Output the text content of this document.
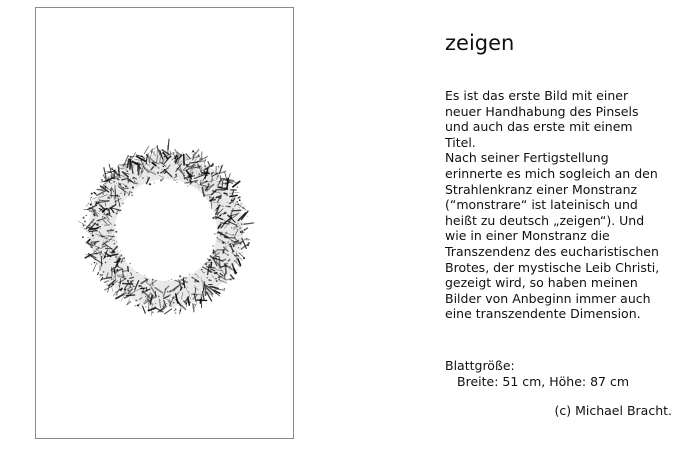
zeigen
Es ist das erste Bild mit einer
neuer Handhabung des Pinsels
und auch das erste mit einem
Titel.
Nach seiner Fertigstellung
erinnerte es mich sogleich an den
Strahlenkranz einer Monstranz
(“monstrare“ ist lateinisch und
heißt zu deutsch „zeigen“). Und
wie in einer Monstranz die
Transzendenz des eucharistischen
Brotes, der mystische Leib Christi,
gezeigt wird, so haben meinen
Bilder von Anbeginn immer auch
eine transzendente Dimension.
Blattgröße:
Breite: 51 cm, Höhe: 87 cm
(c) Michael Bracht.
